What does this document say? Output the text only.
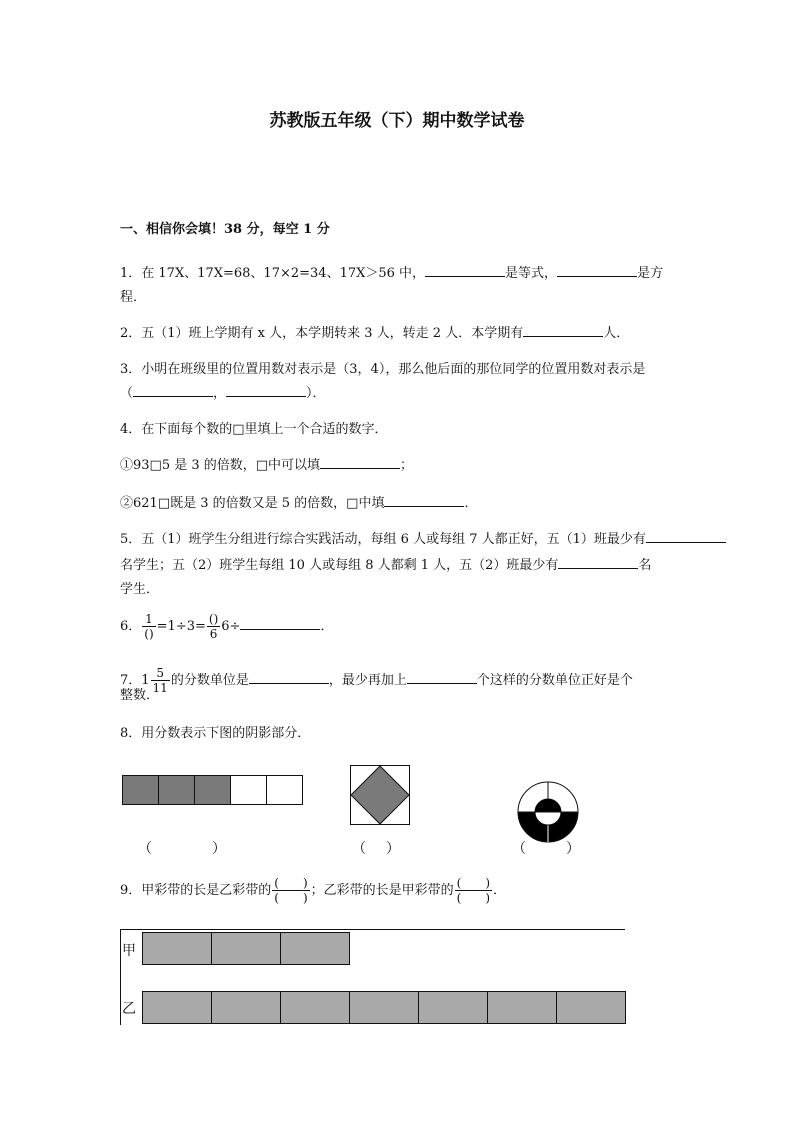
苏教版五年级（下）期中数学试卷
一、相信你会填！38 分，每空 1 分
1．在 17X、17X=68、17×2=34、17X＞56 中，	是等式，	是方
程．
2．五（1）班上学期有 x 人，本学期转来 3 人，转走 2 人．本学期有	人．
3．小明在班级里的位置用数对表示是（3，4），那么他后面的那位同学的位置用数对表示是
（	，	）．
4．在下面每个数的□里填上一个合适的数字．
①93□5 是 3 的倍数，□中可以填	；
②621□既是 3 的倍数又是 5 的倍数，□中填	．
5．五（1）班学生分组进行综合实践活动，每组 6 人或每组 7 人都正好，五（1）班最少有
名学生；五（2）班学生每组 10 人或每组 8 人都剩 1 人，五（2）班最少有	名
学生．
6． $\frac{1}{()} =1\div 3= \frac{()}{6} 6\div$	．
7．$1 \frac{5}{11}$ 的分数单位是	，最少再加上	个这样的分数单位正好是个
整数．
8．用分数表示下图的阴影部分．
（	）	（ ）	（	）
9．甲彩带的长是乙彩带的 $\frac{( )}{( )}$ ；乙彩带的长是甲彩带的 $\frac{( )}{( )}$ ．
甲
乙
